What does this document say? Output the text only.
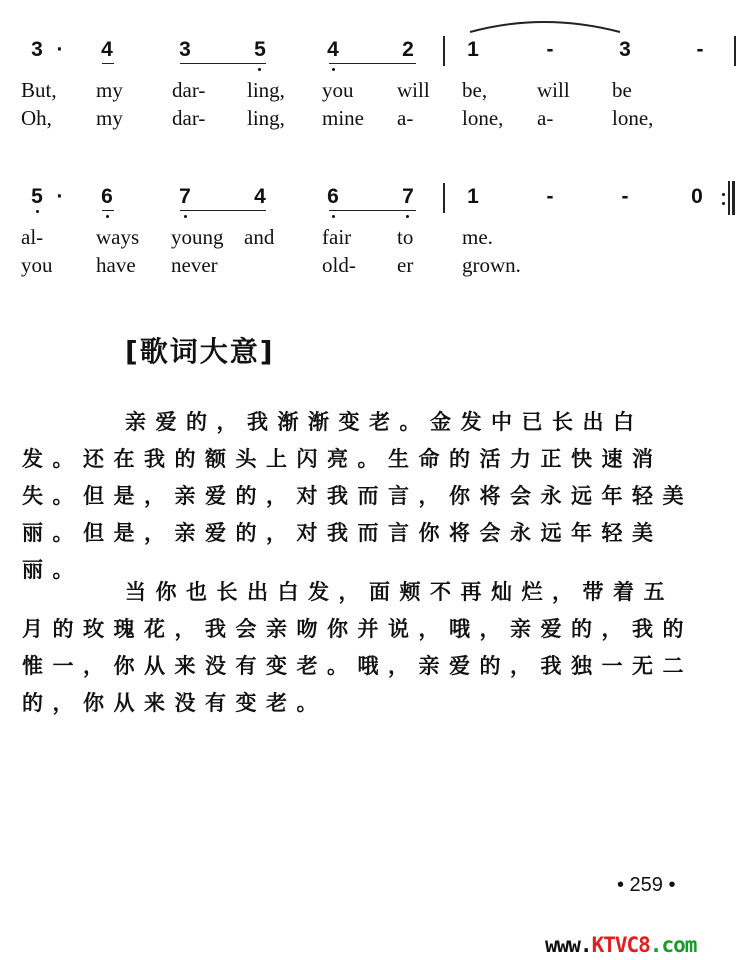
3 · 4	3	5	4	2	1	-	3	-
But, my dar- ling, you will be, will be
Oh, my dar- ling, mine a- lone, a-	lone,
5 · 6	7	4	6	7	1	-	-	0
al-	ways young and fair to me.
you have never	old- er grown.
[歌词大意]

亲爱的，我渐渐变老。金发中已长出白发。还在我的额头上闪亮。生命的活力正快速消失。但是，亲爱的，对我而言，你将会永远年轻美丽。但是，亲爱的，对我而言你将会永远年轻美丽。

当你也长出白发，面颊不再灿烂，带着五月的玫瑰花，我会亲吻你并说，哦，亲爱的，我的惟一，你从来没有变老。哦，亲爱的，我独一无二的，你从来没有变老。

• 259 •
www.KTVC8.com
